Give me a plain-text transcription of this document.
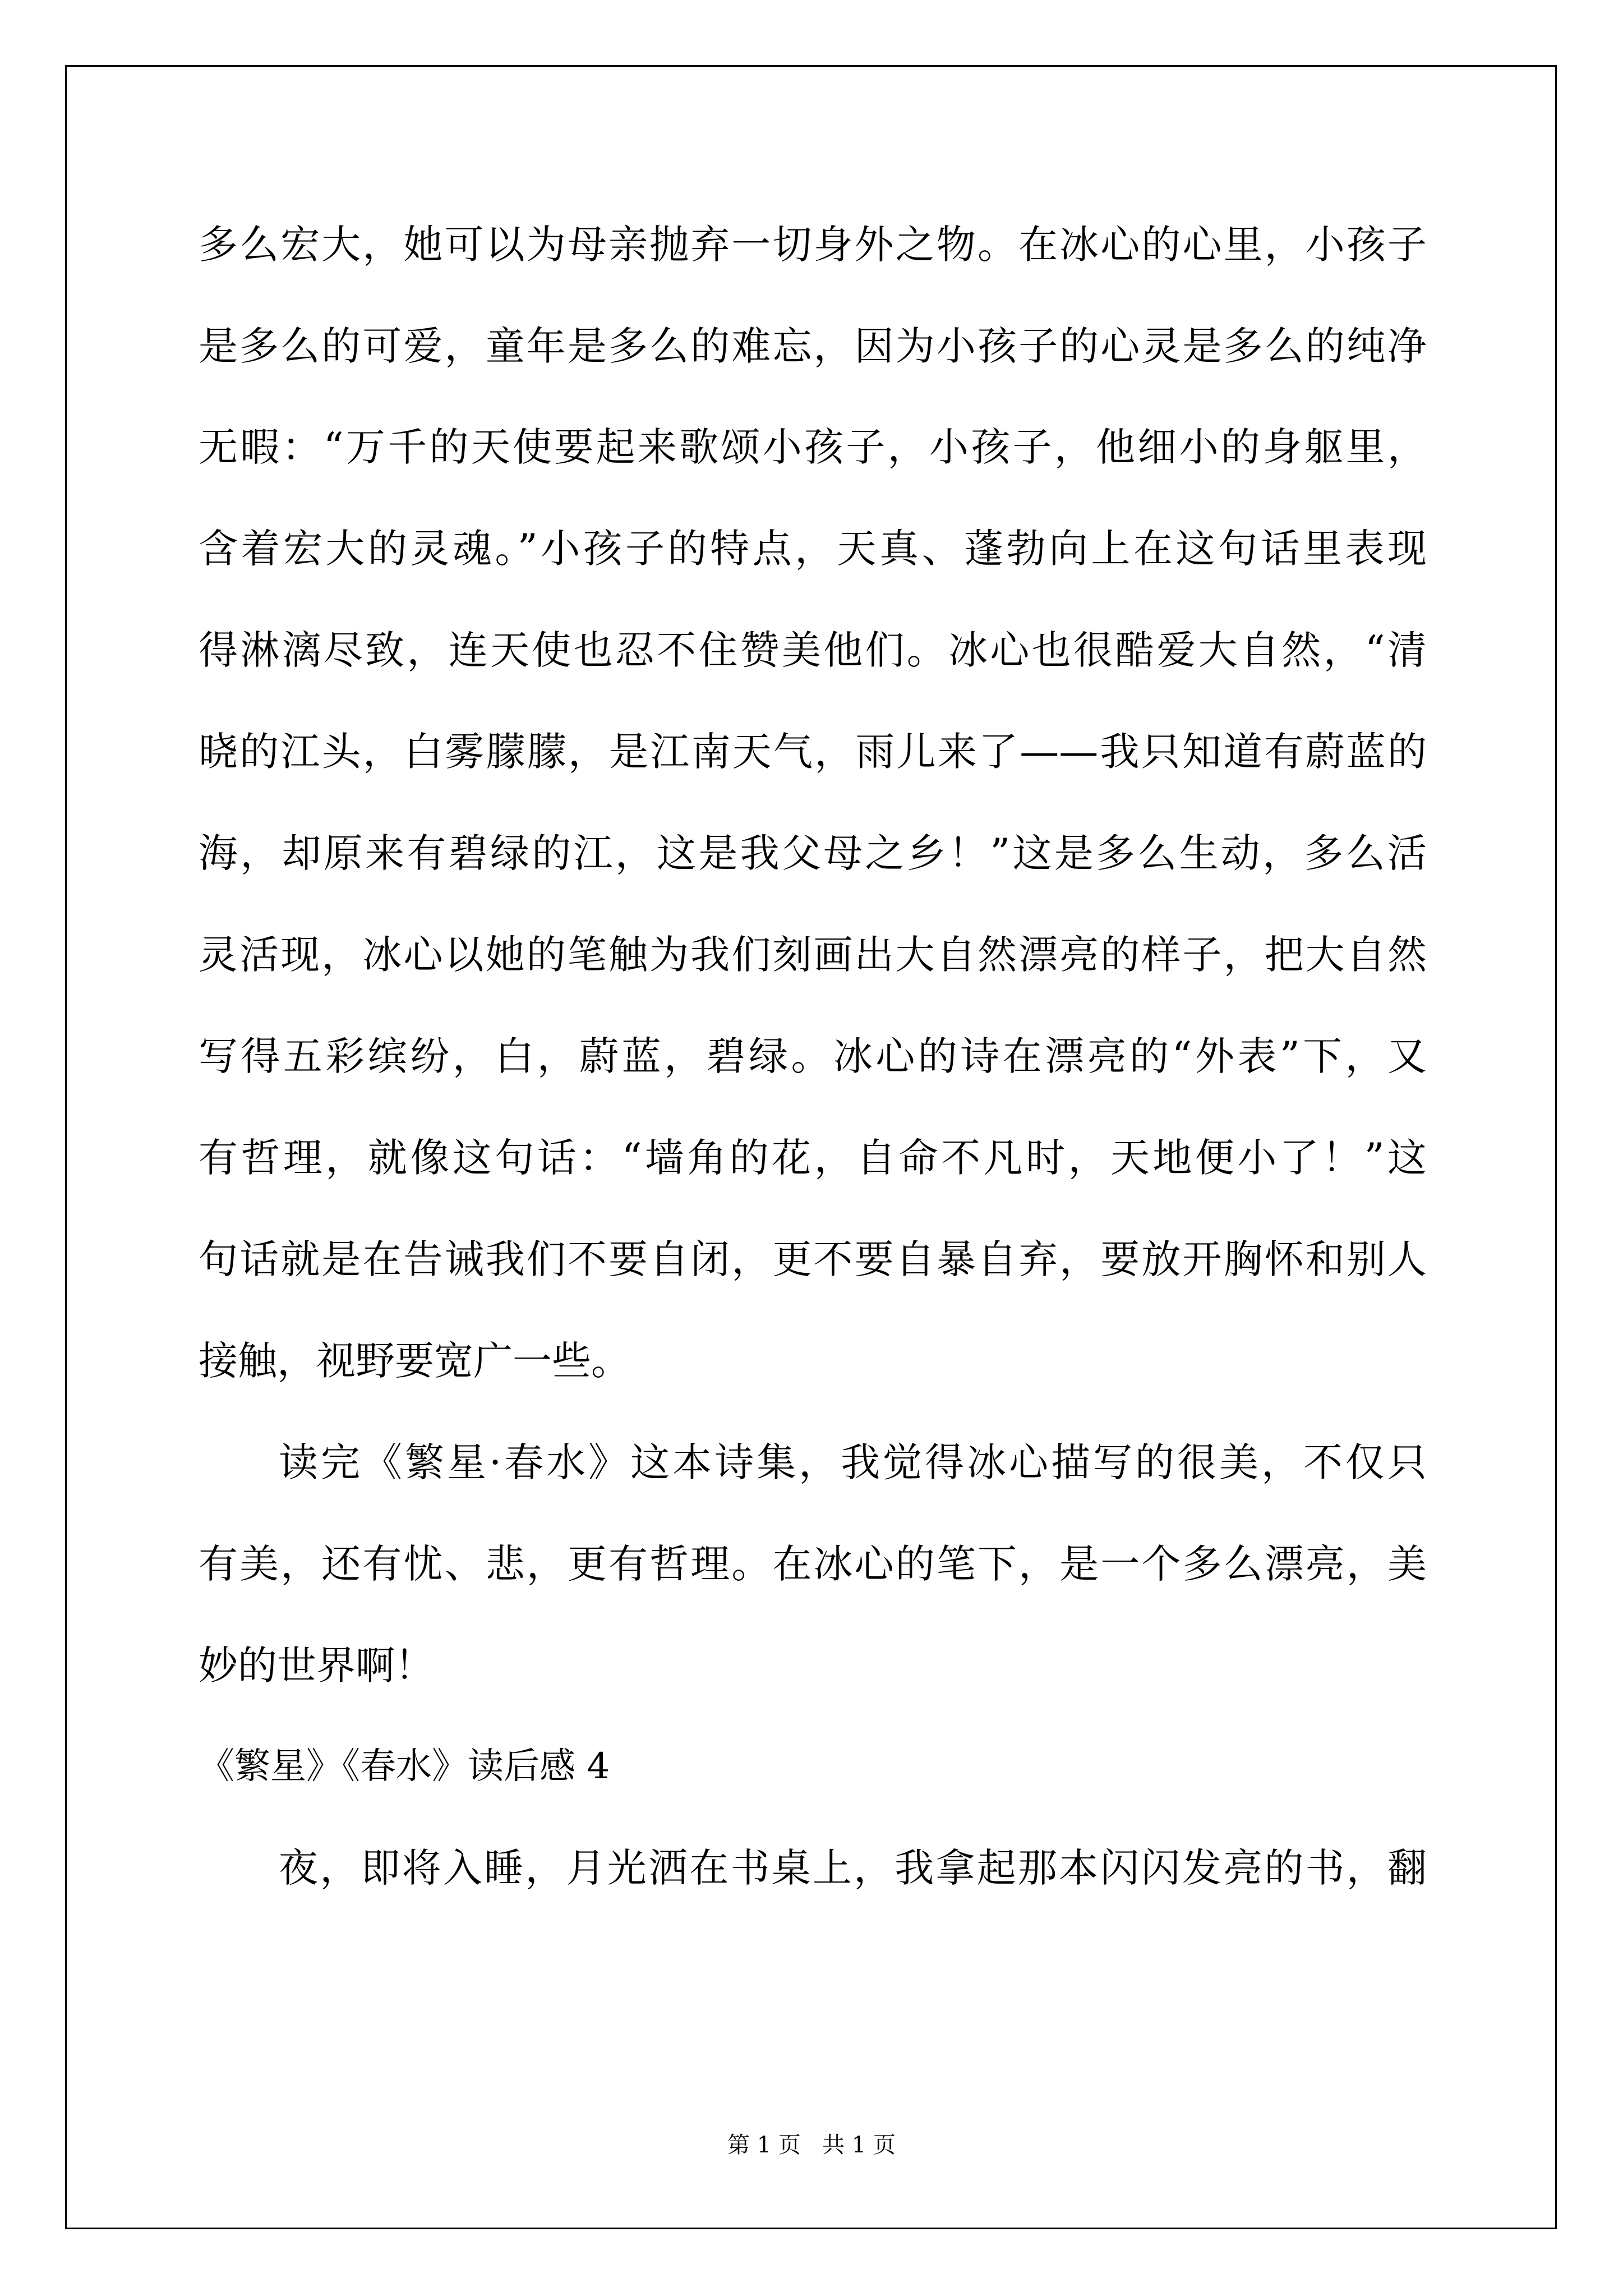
多么宏大，她可以为母亲抛弃一切身外之物。在冰心的心里，小孩子
是多么的可爱，童年是多么的难忘，因为小孩子的心灵是多么的纯净
无暇：“万千的天使要起来歌颂小孩子，小孩子，他细小的身躯里，
含着宏大的灵魂。”小孩子的特点，天真、蓬勃向上在这句话里表现
得淋漓尽致，连天使也忍不住赞美他们。冰心也很酷爱大自然，“清
晓的江头，白雾朦朦，是江南天气，雨儿来了——我只知道有蔚蓝的
海，却原来有碧绿的江，这是我父母之乡！”这是多么生动，多么活
灵活现，冰心以她的笔触为我们刻画出大自然漂亮的样子，把大自然
写得五彩缤纷，白，蔚蓝，碧绿。冰心的诗在漂亮的“外表”下，又
有哲理，就像这句话：“墙角的花，自命不凡时，天地便小了！”这
句话就是在告诫我们不要自闭，更不要自暴自弃，要放开胸怀和别人
接触，视野要宽广一些。
读完《繁星·春水》这本诗集，我觉得冰心描写的很美，不仅只
有美，还有忧、悲，更有哲理。在冰心的笔下，是一个多么漂亮，美
妙的世界啊！
《繁星》《春水》读后感 4
夜，即将入睡，月光洒在书桌上，我拿起那本闪闪发亮的书，翻
第 1 页   共 1 页
